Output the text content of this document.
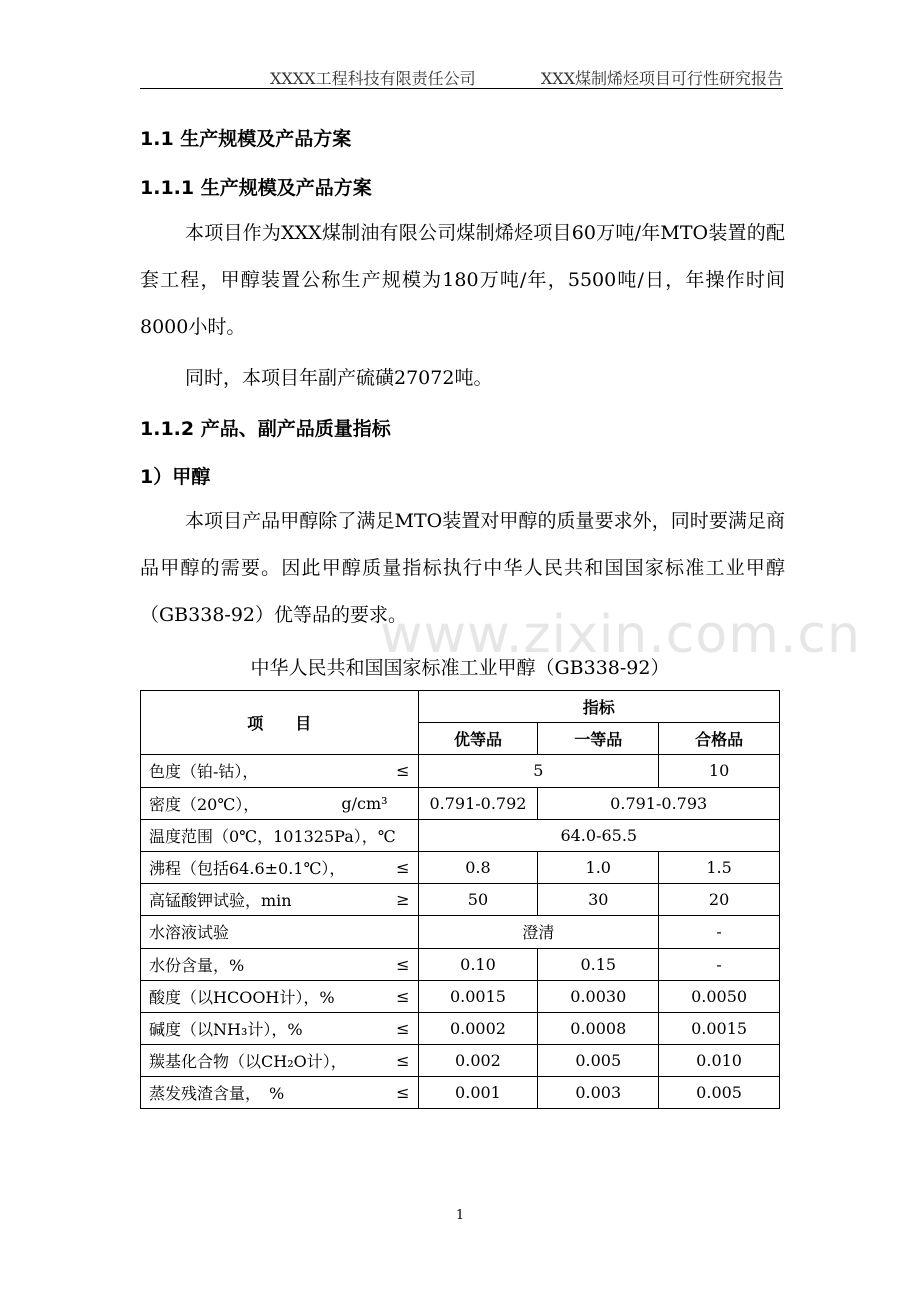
XXXX工程科技有限责任公司	XXX煤制烯烃项目可行性研究报告
1.1 生产规模及产品方案
1.1.1 生产规模及产品方案
本项目作为XXX煤制油有限公司煤制烯烃项目60万吨/年MTO装置的配套工程，甲醇装置公称生产规模为180万吨/年，5500吨/日，年操作时间8000小时。
同时，本项目年副产硫磺27072吨。
1.1.2 产品、副产品质量指标
1）甲醇
www.zixin.com.cn
本项目产品甲醇除了满足MTO装置对甲醇的质量要求外，同时要满足商品甲醇的需要。因此甲醇质量指标执行中华人民共和国国家标准工业甲醇（GB338-92）优等品的要求。
中华人民共和国国家标准工业甲醇（GB338-92）
项　　目	指标		
	优等品	一等品	合格品

色度（铂-钴）， ≤	5		10

密度（20℃）， g/cm³	0.791-0.792	0.791-0.793	

温度范围（0℃，101325Pa），℃	64.0-65.5		

沸程（包括64.6±0.1℃）， ≤	0.8	1.0	1.5

高锰酸钾试验，min ≥	50	30	20

水溶液试验	澄清		-

水份含量，% ≤	0.10	0.15	-

酸度（以HCOOH计），% ≤	0.0015	0.0030	0.0050

碱度（以NH₃计），% ≤	0.0002	0.0008	0.0015

羰基化合物（以CH₂O计）， ≤	0.002	0.005	0.010

蒸发残渣含量，　% ≤	0.001	0.003	0.005
1
